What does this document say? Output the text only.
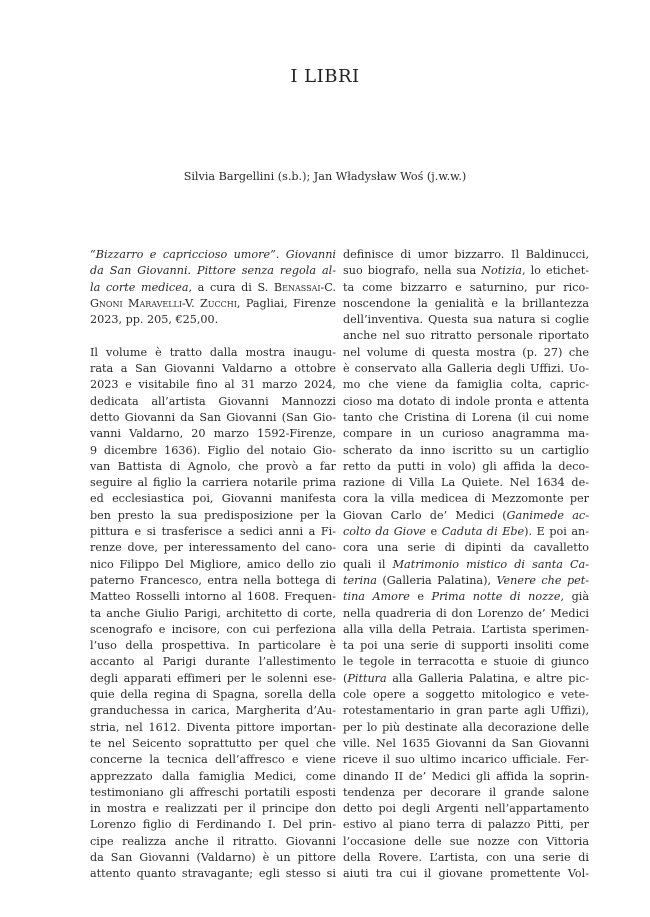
I LIBRI
Silvia Bargellini (s.b.); Jan Władysław Woś (j.w.w.)
“Bizzarro e capriccioso umore”. Giovanni
da San Giovanni. Pittore senza regola al-
la corte medicea, a cura di S. Benassai-C.
Gnoni Maravelli-V. Zucchi, Pagliai, Firenze
2023, pp. 205, €25,00.
Il volume è tratto dalla mostra inaugu-
rata a San Giovanni Valdarno a ottobre
2023 e visitabile fino al 31 marzo 2024,
dedicata all’artista Giovanni Mannozzi
detto Giovanni da San Giovanni (San Gio-
vanni Valdarno, 20 marzo 1592-Firenze,
9 dicembre 1636). Figlio del notaio Gio-
van Battista di Agnolo, che provò a far
seguire al figlio la carriera notarile prima
ed ecclesiastica poi, Giovanni manifesta
ben presto la sua predisposizione per la
pittura e si trasferisce a sedici anni a Fi-
renze dove, per interessamento del cano-
nico Filippo Del Migliore, amico dello zio
paterno Francesco, entra nella bottega di
Matteo Rosselli intorno al 1608. Frequen-
ta anche Giulio Parigi, architetto di corte,
scenografo e incisore, con cui perfeziona
l’uso della prospettiva. In particolare è
accanto al Parigi durante l’allestimento
degli apparati effimeri per le solenni ese-
quie della regina di Spagna, sorella della
granduchessa in carica, Margherita d’Au-
stria, nel 1612. Diventa pittore importan-
te nel Seicento soprattutto per quel che
concerne la tecnica dell’affresco e viene
apprezzato dalla famiglia Medici, come
testimoniano gli affreschi portatili esposti
in mostra e realizzati per il principe don
Lorenzo figlio di Ferdinando I. Del prin-
cipe realizza anche il ritratto. Giovanni
da San Giovanni (Valdarno) è un pittore
attento quanto stravagante; egli stesso si
definisce di umor bizzarro. Il Baldinucci,
suo biografo, nella sua Notizia, lo etichet-
ta come bizzarro e saturnino, pur rico-
noscendone la genialità e la brillantezza
dell’inventiva. Questa sua natura si coglie
anche nel suo ritratto personale riportato
nel volume di questa mostra (p. 27) che
è conservato alla Galleria degli Uffizi. Uo-
mo che viene da famiglia colta, capric-
cioso ma dotato di indole pronta e attenta
tanto che Cristina di Lorena (il cui nome
compare in un curioso anagramma ma-
scherato da inno iscritto su un cartiglio
retto da putti in volo) gli affida la deco-
razione di Villa La Quiete. Nel 1634 de-
cora la villa medicea di Mezzomonte per
Giovan Carlo de’ Medici (Ganimede ac-
colto da Giove e Caduta di Ebe). E poi an-
cora una serie di dipinti da cavalletto
quali il Matrimonio mistico di santa Ca-
terina (Galleria Palatina), Venere che pet-
tina Amore e Prima notte di nozze, già
nella quadreria di don Lorenzo de’ Medici
alla villa della Petraia. L’artista sperimen-
ta poi una serie di supporti insoliti come
le tegole in terracotta e stuoie di giunco
(Pittura alla Galleria Palatina, e altre pic-
cole opere a soggetto mitologico e vete-
rotestamentario in gran parte agli Uffizi),
per lo più destinate alla decorazione delle
ville. Nel 1635 Giovanni da San Giovanni
riceve il suo ultimo incarico ufficiale. Fer-
dinando II de’ Medici gli affida la soprin-
tendenza per decorare il grande salone
detto poi degli Argenti nell’appartamento
estivo al piano terra di palazzo Pitti, per
l’occasione delle sue nozze con Vittoria
della Rovere. L’artista, con una serie di
aiuti tra cui il giovane promettente Vol-
